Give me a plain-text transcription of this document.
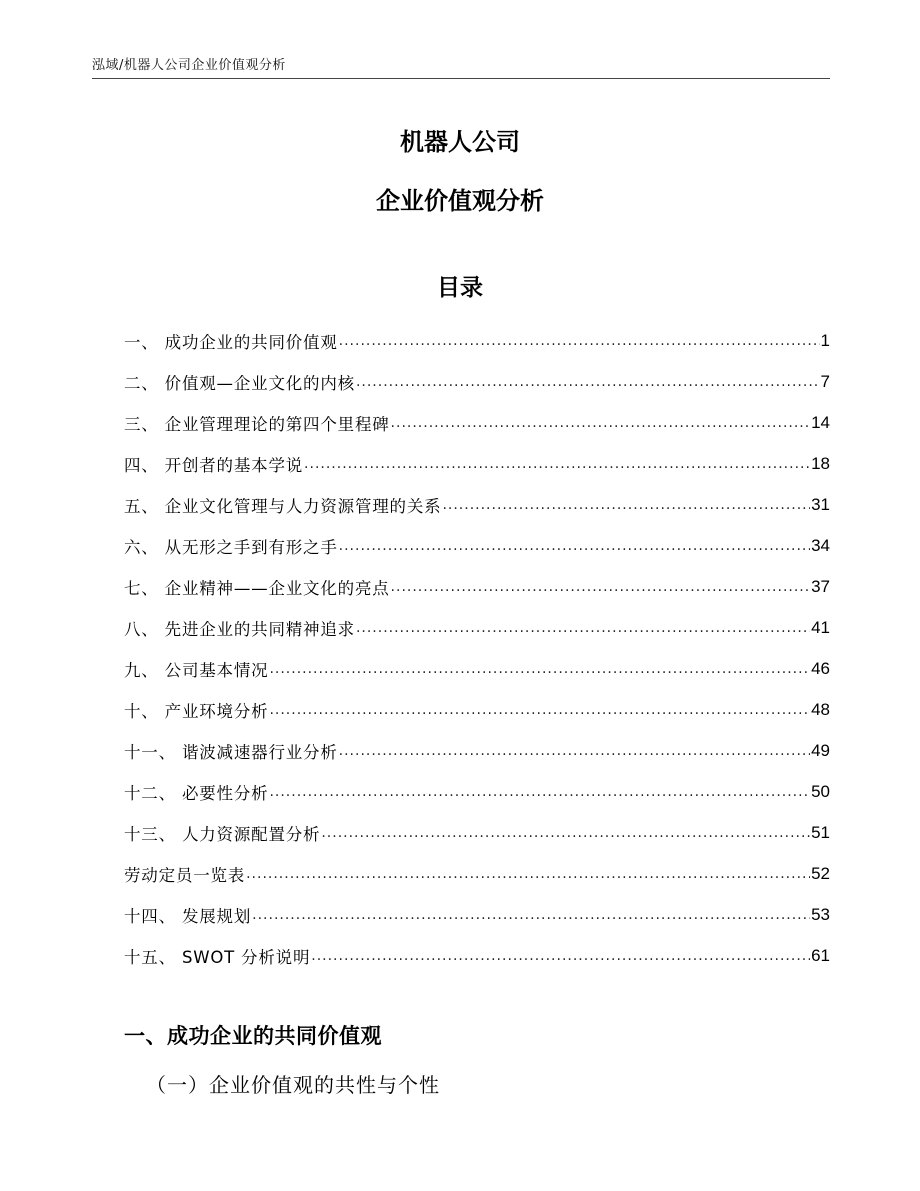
泓域/机器人公司企业价值观分析
机器人公司
企业价值观分析
目录
一、 成功企业的共同价值观 .....	1
二、 价值观—企业文化的内核 .....	7
三、 企业管理理论的第四个里程碑 .....	14
四、 开创者的基本学说 .....	18
五、 企业文化管理与人力资源管理的关系 .....	31
六、 从无形之手到有形之手 .....	34
七、 企业精神——企业文化的亮点 .....	37
八、 先进企业的共同精神追求 .....	41
九、 公司基本情况 .....	46
十、 产业环境分析 .....	48
十一、 谐波减速器行业分析 .....	49
十二、 必要性分析 .....	50
十三、 人力资源配置分析 .....	51
劳动定员一览表 .....	52
十四、 发展规划 .....	53
十五、 SWOT 分析说明 .....	61
一、成功企业的共同价值观
（一）企业价值观的共性与个性
